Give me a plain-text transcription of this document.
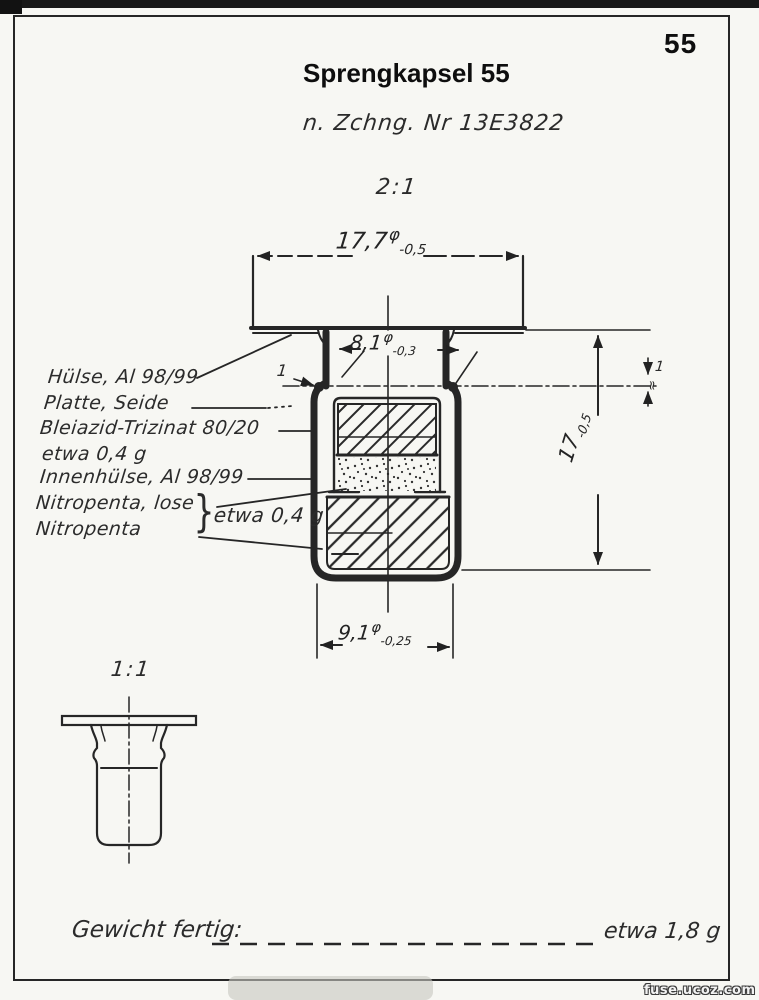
55
Sprengkapsel 55
n. Zchng. Nr 13E3822
2:1
$17,7^\varphi_{-0,5}$
$8,1^\varphi_{-0,3}$
$17_{-0,5}$
$9,1^\varphi_{-0,25}$
1	1
≈
Hülse, Al 98/99
Platte, Seide
Bleiazid-Trizinat 80/20
etwa 0,4 g
Innenhülse, Al 98/99
Nitropenta, lose
Nitropenta }
etwa 0,4 g
1:1
Gewicht fertig:	etwa 1,8 g
fuse.ucoz.com
